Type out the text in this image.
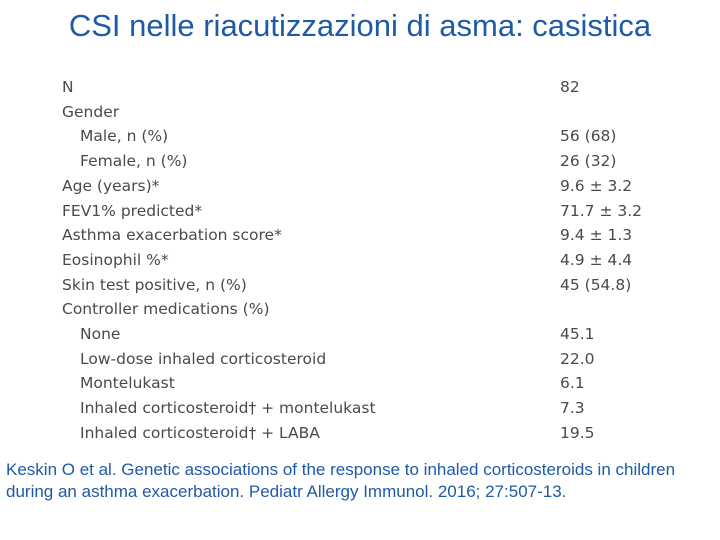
CSI nelle riacutizzazioni di asma: casistica
N	82
Gender
Male, n (%)	56 (68)
Female, n (%)	26 (32)
Age (years)*	9.6 ± 3.2
FEV1% predicted*	71.7 ± 3.2
Asthma exacerbation score*	9.4 ± 1.3
Eosinophil %*	4.9 ± 4.4
Skin test positive, n (%)	45 (54.8)
Controller medications (%)
None	45.1
Low-dose inhaled corticosteroid	22.0
Montelukast	6.1
Inhaled corticosteroid† + montelukast	7.3
Inhaled corticosteroid† + LABA	19.5
Keskin O et al. Genetic associations of the response to inhaled corticosteroids in children during an asthma exacerbation. Pediatr Allergy Immunol. 2016; 27:507-13.
